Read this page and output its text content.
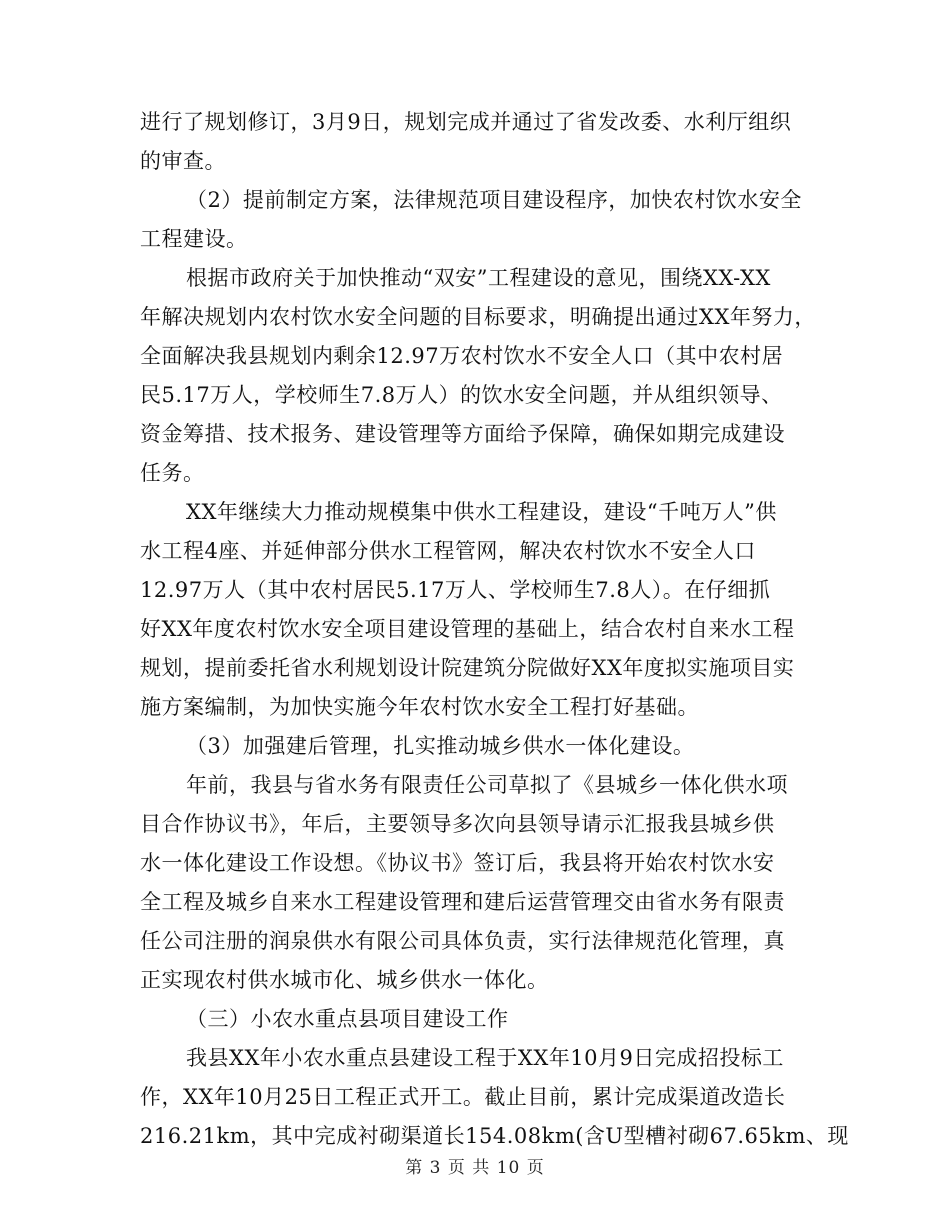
进行了规划修订，3月9日，规划完成并通过了省发改委、水利厅组织
的审查。

（2）提前制定方案，法律规范项目建设程序，加快农村饮水安全
工程建设。

根据市政府关于加快推动“双安”工程建设的意见，围绕XX-XX
年解决规划内农村饮水安全问题的目标要求，明确提出通过XX年努力，
全面解决我县规划内剩余12.97万农村饮水不安全人口（其中农村居
民5.17万人，学校师生7.8万人）的饮水安全问题，并从组织领导、
资金筹措、技术报务、建设管理等方面给予保障，确保如期完成建设
任务。

XX年继续大力推动规模集中供水工程建设，建设“千吨万人”供
水工程4座、并延伸部分供水工程管网，解决农村饮水不安全人口
12.97万人（其中农村居民5.17万人、学校师生7.8人）。在仔细抓
好XX年度农村饮水安全项目建设管理的基础上，结合农村自来水工程
规划，提前委托省水利规划设计院建筑分院做好XX年度拟实施项目实
施方案编制，为加快实施今年农村饮水安全工程打好基础。

（3）加强建后管理，扎实推动城乡供水一体化建设。

年前，我县与省水务有限责任公司草拟了《县城乡一体化供水项
目合作协议书》，年后，主要领导多次向县领导请示汇报我县城乡供
水一体化建设工作设想。《协议书》签订后，我县将开始农村饮水安
全工程及城乡自来水工程建设管理和建后运营管理交由省水务有限责
任公司注册的润泉供水有限公司具体负责，实行法律规范化管理，真
正实现农村供水城市化、城乡供水一体化。

（三）小农水重点县项目建设工作

我县XX年小农水重点县建设工程于XX年10月9日完成招投标工
作，XX年10月25日工程正式开工。截止目前，累计完成渠道改造长
216.21km，其中完成衬砌渠道长154.08km(含U型槽衬砌67.65km、现

第 3 页 共 10 页
